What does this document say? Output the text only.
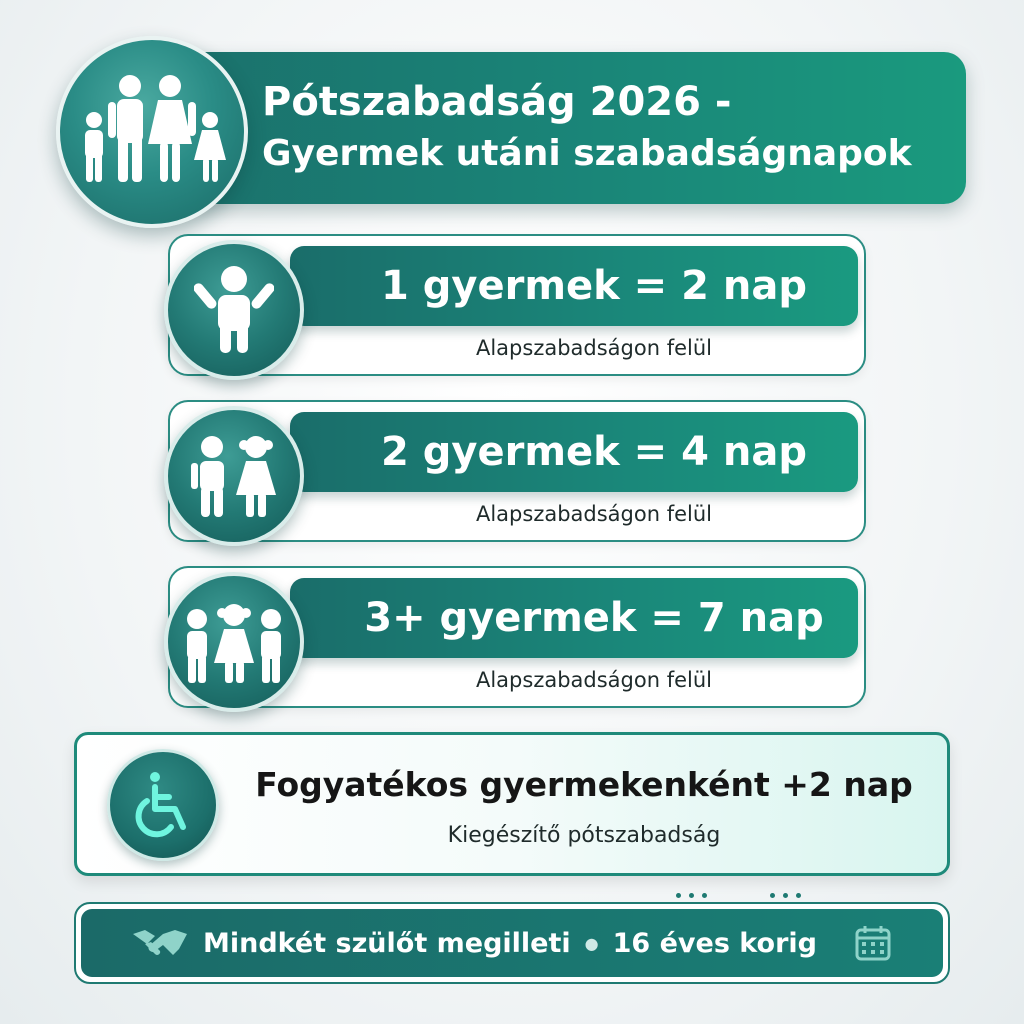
Pótszabadság 2026 -
Gyermek utáni szabadságnapok
1 gyermek = 2 nap
Alapszabadságon felül
2 gyermek = 4 nap
Alapszabadságon felül
3+ gyermek = 7 nap
Alapszabadságon felül
Fogyatékos gyermekenként +2 nap
Kiegészítő pótszabadság
Mindkét szülőt megilleti ● 16 éves korig
